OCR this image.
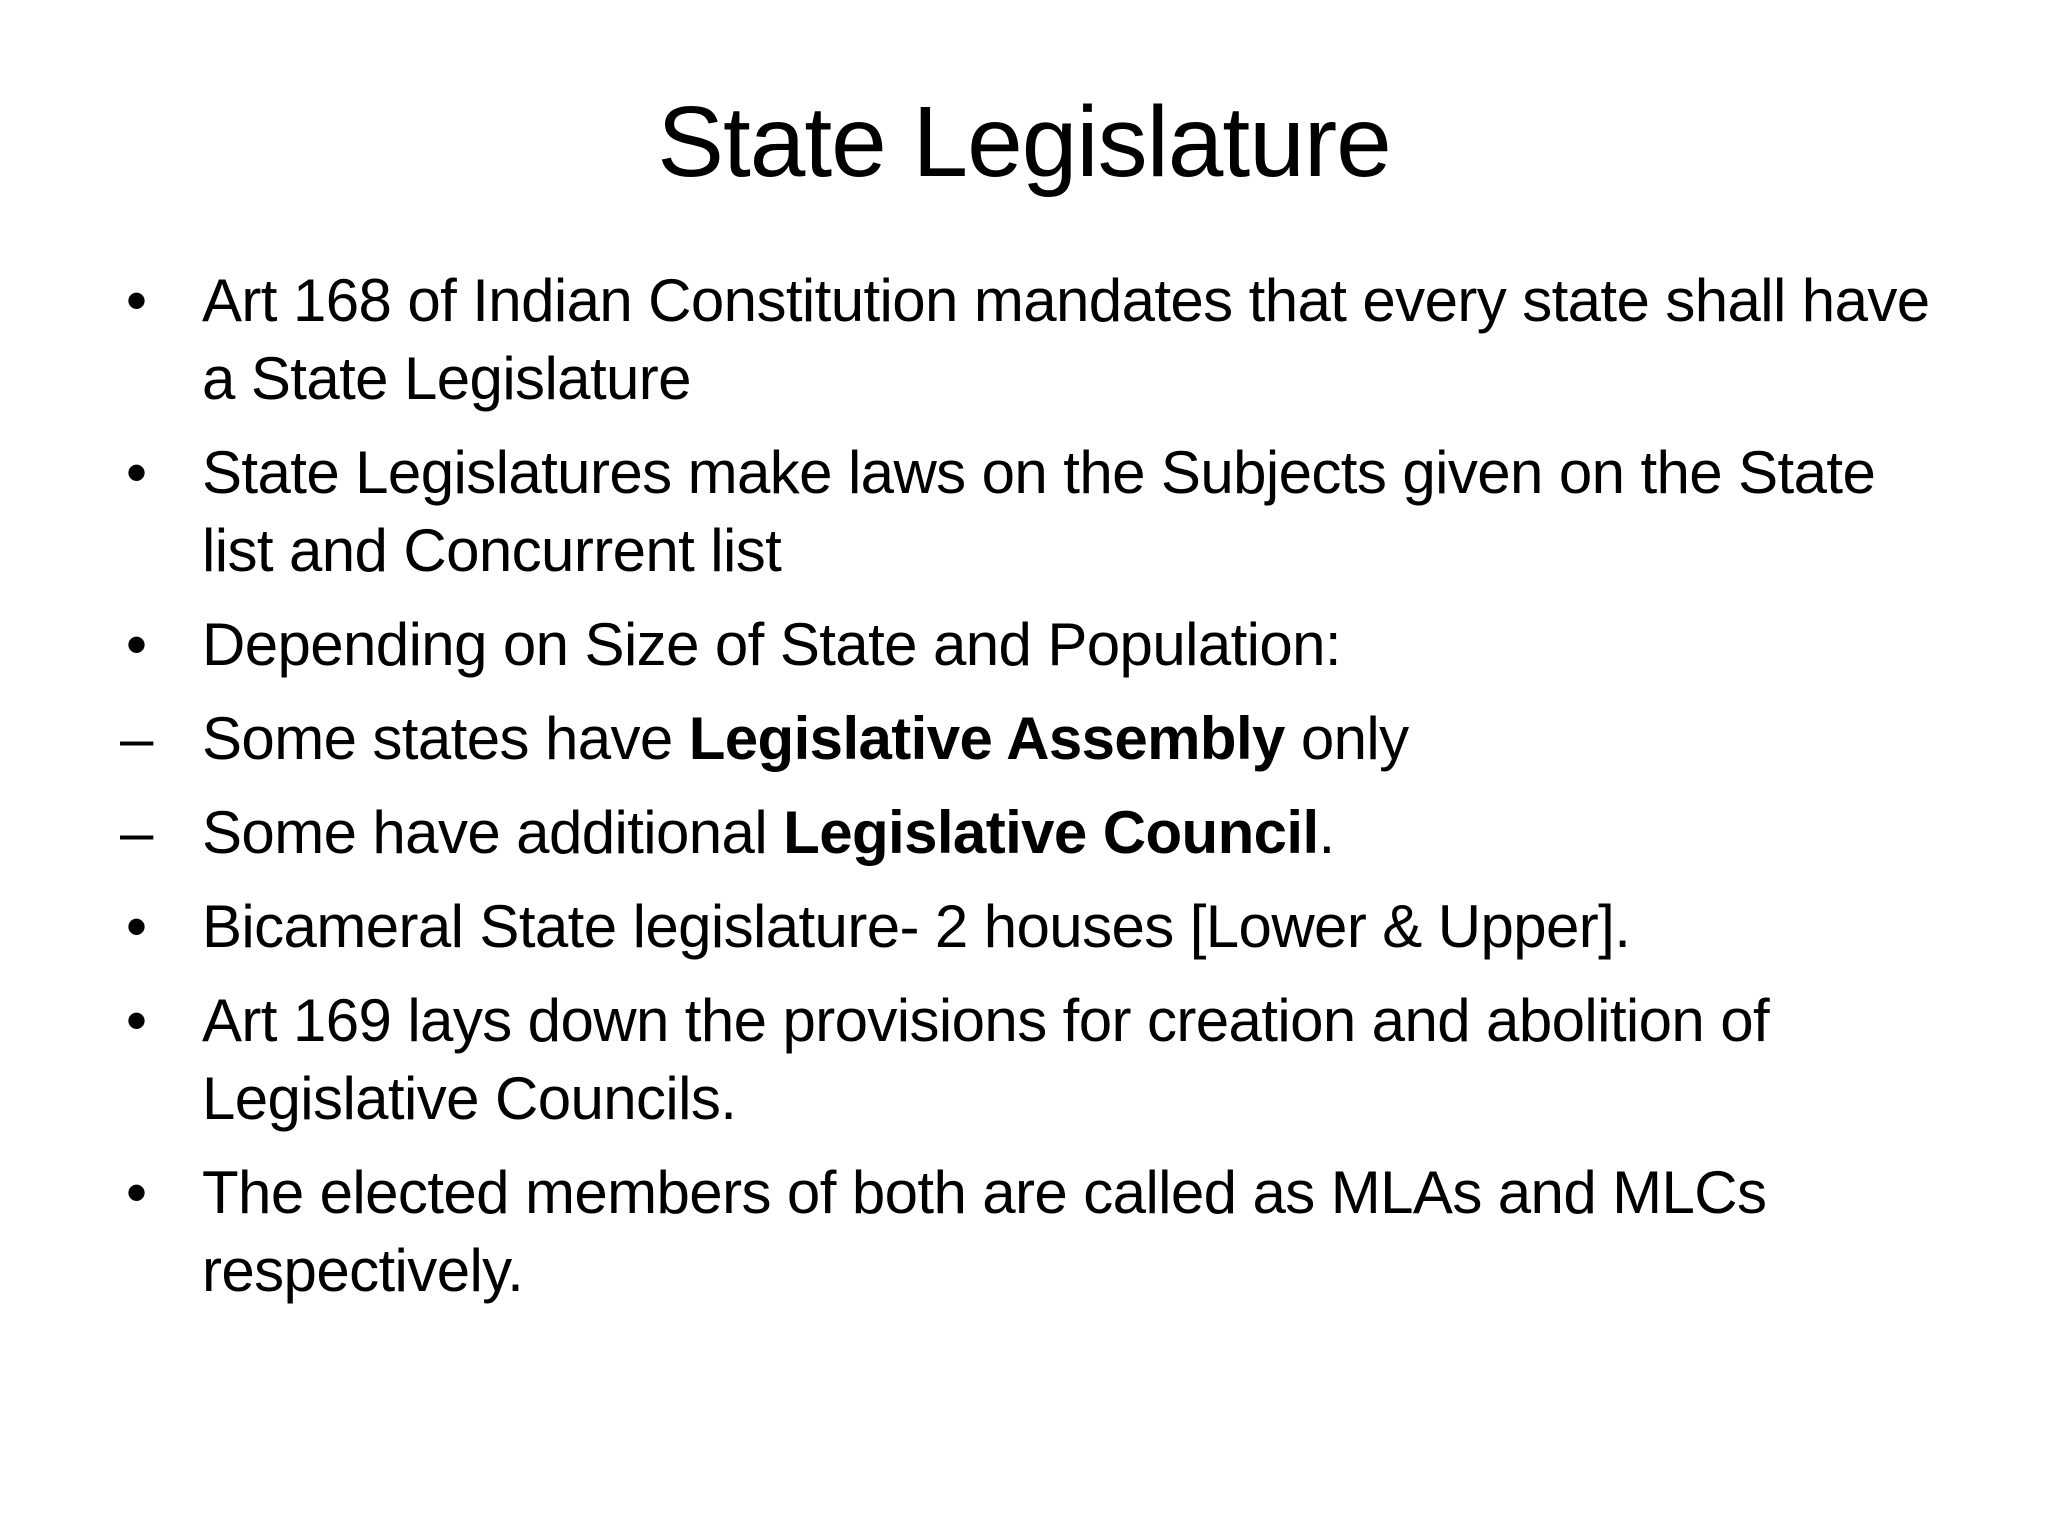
State Legislature
• Art 168 of Indian Constitution mandates that every state shall have a State Legislature
• State Legislatures make laws on the Subjects given on the State list and Concurrent list
• Depending on Size of State and Population:
– Some states have Legislative Assembly only
– Some have additional Legislative Council.
• Bicameral State legislature- 2 houses [Lower & Upper].
• Art 169 lays down the provisions for creation and abolition of Legislative Councils.
• The elected members of both are called as MLAs and MLCs respectively.
